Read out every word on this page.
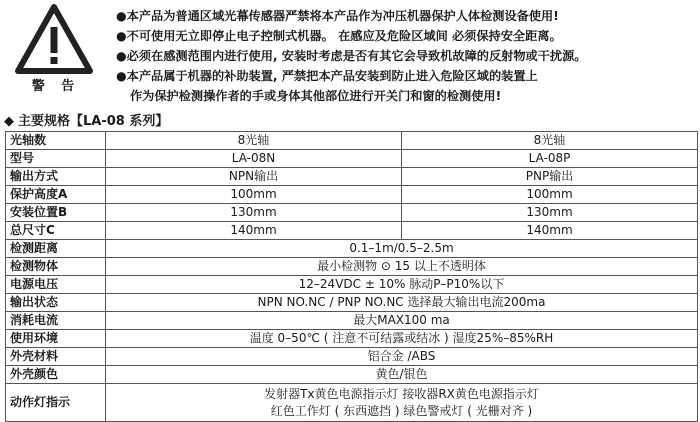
警 告
●本产品为普通区域光幕传感器严禁将本产品作为冲压机器保护人体检测设备使用!
●不可使用无立即停止电子控制式机器。 在感应及危险区域间 必须保持安全距离。
●必须在感测范围内进行使用, 安装时考虑是否有其它会导致机故障的反射物或干扰源。
●本产品属于机器的补助装置, 严禁把本产品安装到防止进入危险区域的装置上
作为保护检测操作者的手或身体其他部位进行开关门和窗的检测使用!
◆ 主要规格【LA-08 系列】
光轴数	8光轴	8光轴
型号	LA-08N	LA-08P
输出方式	NPN输出	PNP输出
保护高度A	100mm	100mm
安装位置B	130mm	130mm
总尺寸C	140mm	140mm
检测距离	0.1–1m/0.5–2.5m	
检测物体	最小检测物 ⊙ 15 以上不透明体	
电源电压	12–24VDC ± 10% 脉动P–P10%以下	
输出状态	NPN NO.NC / PNP NO.NC 选择最大输出电流200ma	
消耗电流	最大MAX100 ma	
使用环境	温度 0–50℃ ( 注意不可结露或结冰 ) 湿度25%–85%RH	
外壳材料	铝合金 /ABS	
外壳颜色	黄色/银色	
动作灯指示	发射器Tx黄色电源指示灯 接收器RX黄色电源指示灯
红色工作灯 ( 东西遮挡 ) 绿色警戒灯 ( 光栅对齐 )	
